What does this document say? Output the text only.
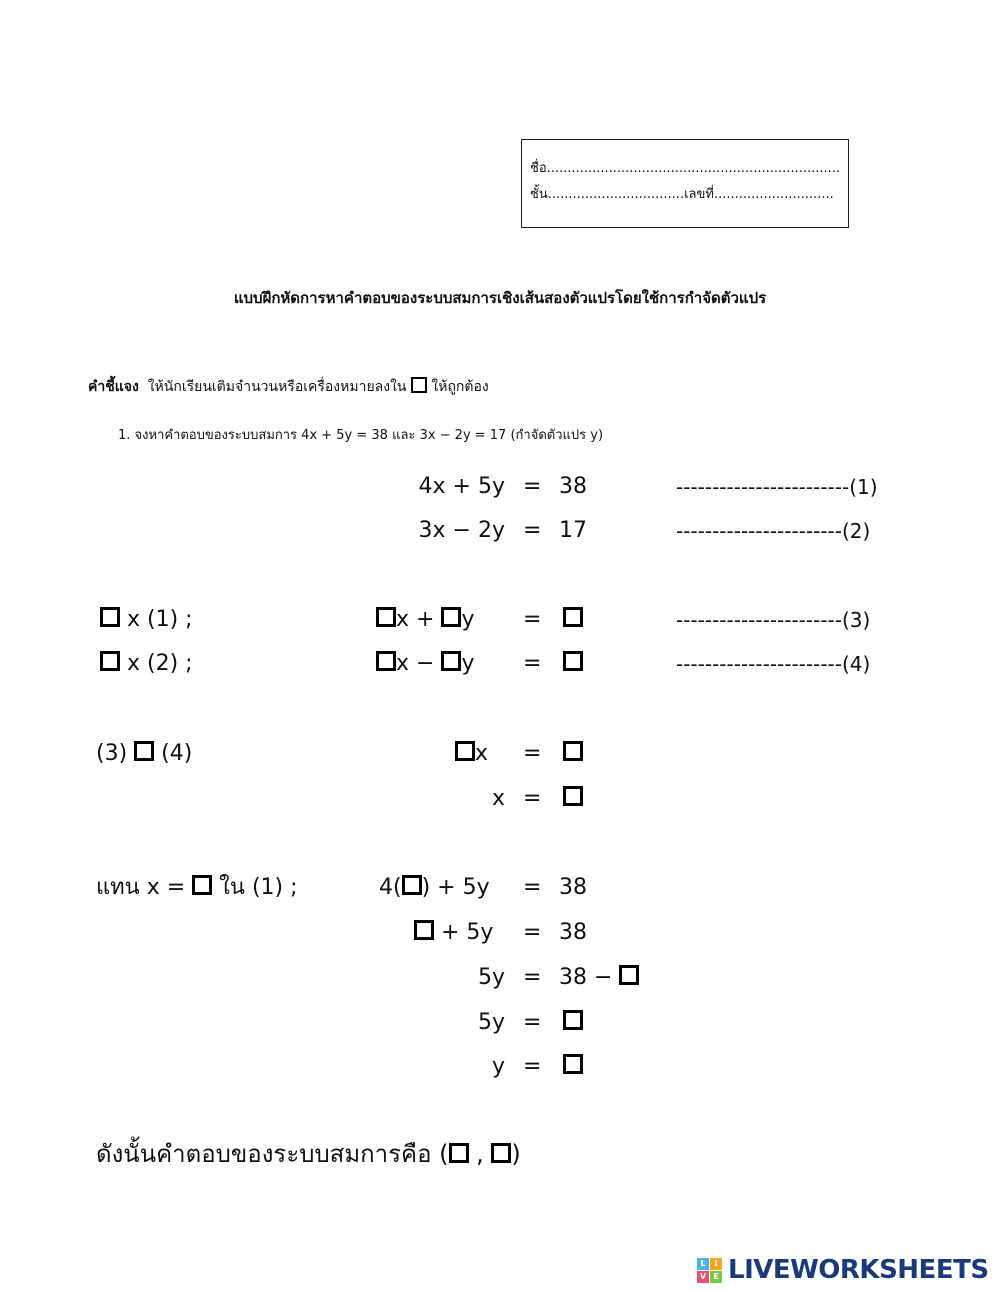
ชื่อ.......................................................................
ชั้น.................................เลขที่.............................
แบบฝึกหัดการหาคำตอบของระบบสมการเชิงเส้นสองตัวแปรโดยใช้การกำจัดตัวแปร
คำชี้แจง ให้นักเรียนเติมจำนวนหรือเครื่องหมายลงใน ให้ถูกต้อง
1. จงหาคำตอบของระบบสมการ 4x + 5y = 38 และ 3x − 2y = 17 (กำจัดตัวแปร y)
4x + 5y = 38	------------------------(1)
3x − 2y = 17	-----------------------(2)
x (1) ;	x + y =	-----------------------(3)
x (2) ;	x − y =	-----------------------(4)
(3) (4)	x =
x =
แทน x = ใน (1) ;	4( ) + 5y = 38
+ 5y = 38
5y = 38 −
5y =
y =
ดังนั้นคำตอบของระบบสมการคือ ( , )
L	I
V E LIVEWORKSHEETS
